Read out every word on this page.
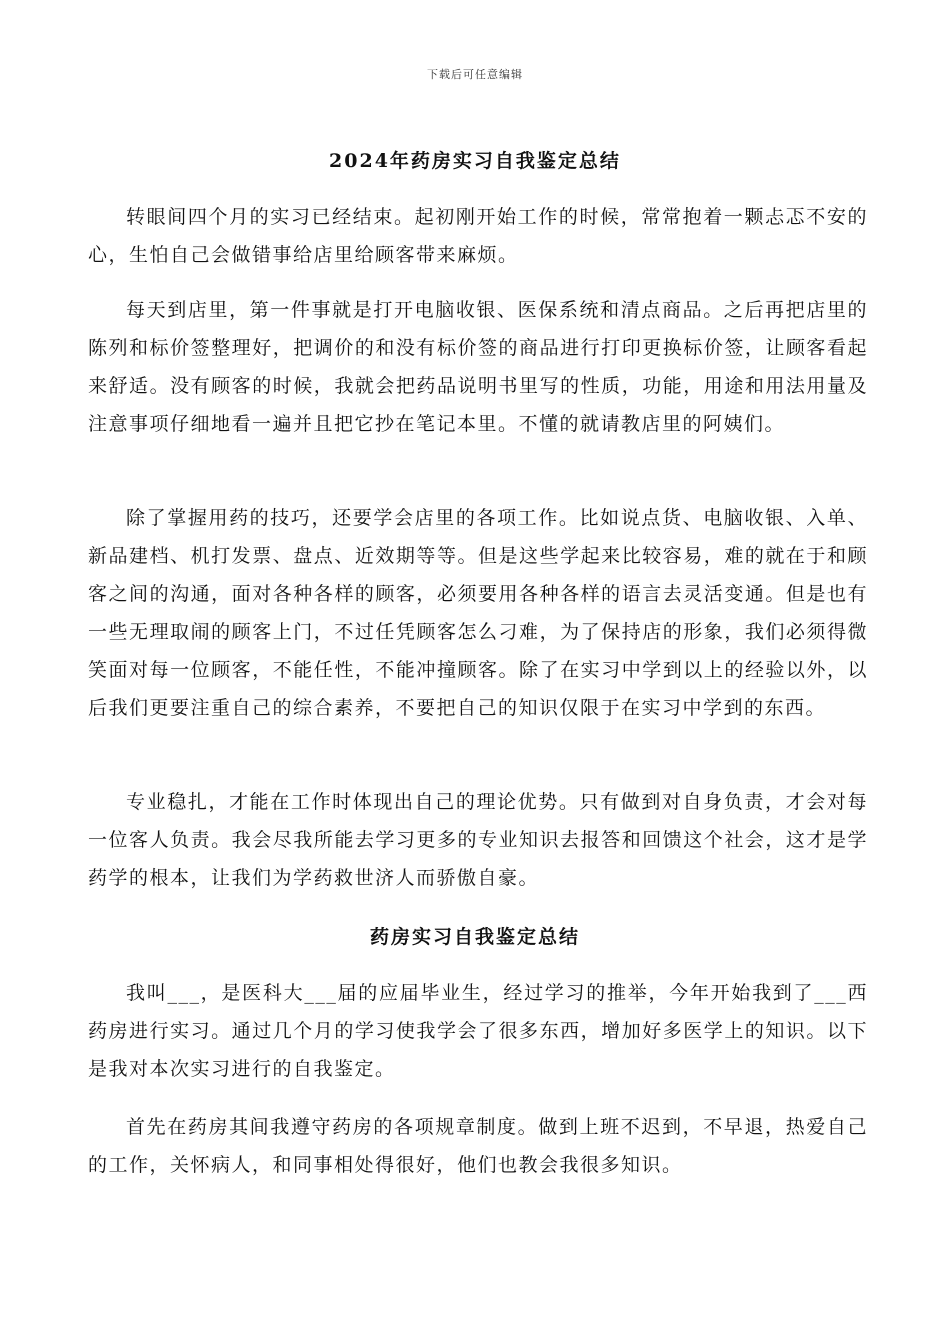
下载后可任意编辑
2024年药房实习自我鉴定总结

转眼间四个月的实习已经结束。起初刚开始工作的时候，常常抱着一颗忐忑不安的心，生怕自己会做错事给店里给顾客带来麻烦。

每天到店里，第一件事就是打开电脑收银、医保系统和清点商品。之后再把店里的陈列和标价签整理好，把调价的和没有标价签的商品进行打印更换标价签，让顾客看起来舒适。没有顾客的时候，我就会把药品说明书里写的性质，功能，用途和用法用量及注意事项仔细地看一遍并且把它抄在笔记本里。不懂的就请教店里的阿姨们。

除了掌握用药的技巧，还要学会店里的各项工作。比如说点货、电脑收银、入单、新品建档、机打发票、盘点、近效期等等。但是这些学起来比较容易，难的就在于和顾客之间的沟通，面对各种各样的顾客，必须要用各种各样的语言去灵活变通。但是也有一些无理取闹的顾客上门，不过任凭顾客怎么刁难，为了保持店的形象，我们必须得微笑面对每一位顾客，不能任性，不能冲撞顾客。除了在实习中学到以上的经验以外，以后我们更要注重自己的综合素养，不要把自己的知识仅限于在实习中学到的东西。

专业稳扎，才能在工作时体现出自己的理论优势。只有做到对自身负责，才会对每一位客人负责。我会尽我所能去学习更多的专业知识去报答和回馈这个社会，这才是学药学的根本，让我们为学药救世济人而骄傲自豪。

药房实习自我鉴定总结

我叫___，是医科大___届的应届毕业生，经过学习的推举，今年开始我到了___西药房进行实习。通过几个月的学习使我学会了很多东西，增加好多医学上的知识。以下是我对本次实习进行的自我鉴定。

首先在药房其间我遵守药房的各项规章制度。做到上班不迟到，不早退，热爱自己的工作，关怀病人，和同事相处得很好，他们也教会我很多知识。
